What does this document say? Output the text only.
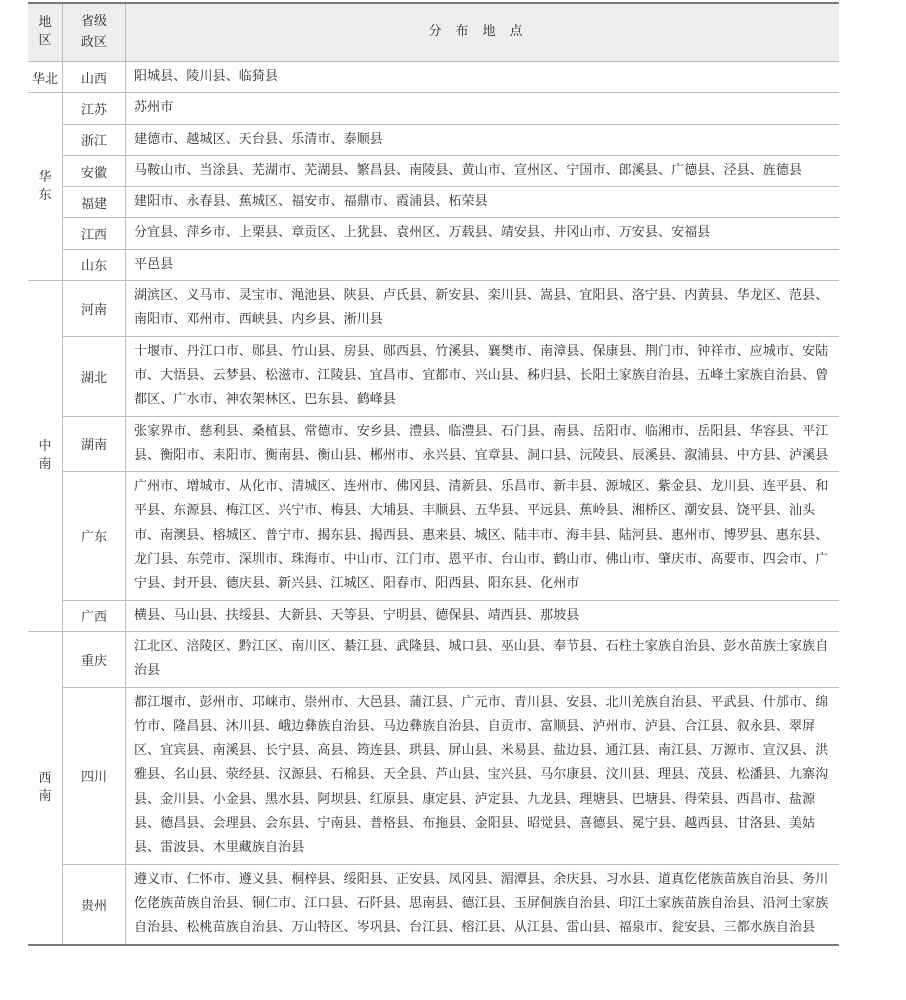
地区	省级政区	分布地点
华北	山西	阳城县、陵川县、临猗县
华东	江苏	苏州市
	浙江	建德市、越城区、天台县、乐清市、泰顺县
	安徽	马鞍山市、当涂县、芜湖市、芜湖县、繁昌县、南陵县、黄山市、宣州区、宁国市、郎溪县、广德县、泾县、旌德县
	福建	建阳市、永春县、蕉城区、福安市、福鼎市、霞浦县、柘荣县
	江西	分宜县、萍乡市、上栗县、章贡区、上犹县、袁州区、万载县、靖安县、井冈山市、万安县、安福县
	山东	平邑县
中南	河南	湖滨区、义马市、灵宝市、渑池县、陕县、卢氏县、新安县、栾川县、嵩县、宜阳县、洛宁县、内黄县、华龙区、范县、南阳市、邓州市、西峡县、内乡县、淅川县
	湖北	十堰市、丹江口市、郧县、竹山县、房县、郧西县、竹溪县、襄樊市、南漳县、保康县、荆门市、钟祥市、应城市、安陆市、大悟县、云梦县、松滋市、江陵县、宜昌市、宜都市、兴山县、秭归县、长阳土家族自治县、五峰土家族自治县、曾都区、广水市、神农架林区、巴东县、鹤峰县
	湖南	张家界市、慈利县、桑植县、常德市、安乡县、澧县、临澧县、石门县、南县、岳阳市、临湘市、岳阳县、华容县、平江县、衡阳市、耒阳市、衡南县、衡山县、郴州市、永兴县、宜章县、洞口县、沅陵县、辰溪县、溆浦县、中方县、泸溪县
	广东	广州市、增城市、从化市、清城区、连州市、佛冈县、清新县、乐昌市、新丰县、源城区、紫金县、龙川县、连平县、和平县、东源县、梅江区、兴宁市、梅县、大埔县、丰顺县、五华县、平远县、蕉岭县、湘桥区、潮安县、饶平县、汕头市、南澳县、榕城区、普宁市、揭东县、揭西县、惠来县、城区、陆丰市、海丰县、陆河县、惠州市、博罗县、惠东县、龙门县、东莞市、深圳市、珠海市、中山市、江门市、恩平市、台山市、鹤山市、佛山市、肇庆市、高要市、四会市、广宁县、封开县、德庆县、新兴县、江城区、阳春市、阳西县、阳东县、化州市
	广西	横县、马山县、扶绥县、大新县、天等县、宁明县、德保县、靖西县、那坡县
西南	重庆	江北区、涪陵区、黔江区、南川区、綦江县、武隆县、城口县、巫山县、奉节县、石柱土家族自治县、彭水苗族土家族自治县
	四川	都江堰市、彭州市、邛崃市、崇州市、大邑县、蒲江县、广元市、青川县、安县、北川羌族自治县、平武县、什邡市、绵竹市、隆昌县、沐川县、峨边彝族自治县、马边彝族自治县、自贡市、富顺县、泸州市、泸县、合江县、叙永县、翠屏区、宜宾县、南溪县、长宁县、高县、筠连县、珙县、屏山县、米易县、盐边县、通江县、南江县、万源市、宣汉县、洪雅县、名山县、荥经县、汉源县、石棉县、天全县、芦山县、宝兴县、马尔康县、汶川县、理县、茂县、松潘县、九寨沟县、金川县、小金县、黑水县、阿坝县、红原县、康定县、泸定县、九龙县、理塘县、巴塘县、得荣县、西昌市、盐源县、德昌县、会理县、会东县、宁南县、普格县、布拖县、金阳县、昭觉县、喜德县、冕宁县、越西县、甘洛县、美姑县、雷波县、木里藏族自治县
	贵州	遵义市、仁怀市、遵义县、桐梓县、绥阳县、正安县、凤冈县、湄潭县、余庆县、习水县、道真仡佬族苗族自治县、务川仡佬族苗族自治县、铜仁市、江口县、石阡县、思南县、德江县、玉屏侗族自治县、印江土家族苗族自治县、沿河土家族自治县、松桃苗族自治县、万山特区、岑巩县、台江县、榕江县、从江县、雷山县、福泉市、瓮安县、三都水族自治县
